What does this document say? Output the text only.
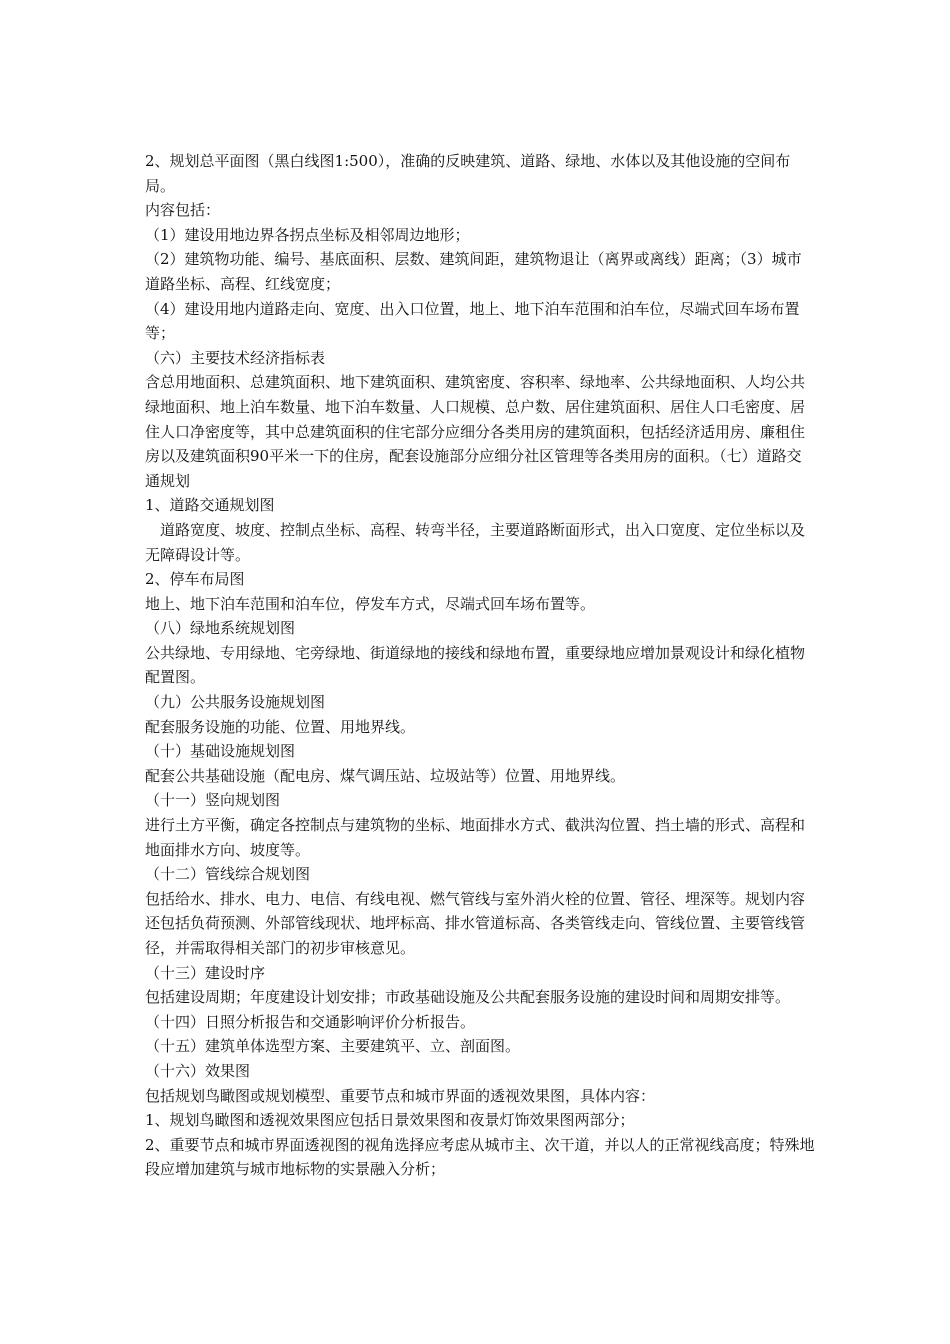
2、规划总平面图（黑白线图1:500），准确的反映建筑、道路、绿地、水体以及其他设施的空间布局。

内容包括：

（1）建设用地边界各拐点坐标及相邻周边地形；

（2）建筑物功能、编号、基底面积、层数、建筑间距，建筑物退让（离界或离线）距离；（3）城市道路坐标、高程、红线宽度；

（4）建设用地内道路走向、宽度、出入口位置，地上、地下泊车范围和泊车位，尽端式回车场布置等；

（六）主要技术经济指标表

含总用地面积、总建筑面积、地下建筑面积、建筑密度、容积率、绿地率、公共绿地面积、人均公共绿地面积、地上泊车数量、地下泊车数量、人口规模、总户数、居住建筑面积、居住人口毛密度、居住人口净密度等，其中总建筑面积的住宅部分应细分各类用房的建筑面积，包括经济适用房、廉租住房以及建筑面积90平米一下的住房，配套设施部分应细分社区管理等各类用房的面积。（七）道路交通规划

1、道路交通规划图

道路宽度、坡度、控制点坐标、高程、转弯半径，主要道路断面形式，出入口宽度、定位坐标以及无障碍设计等。

2、停车布局图

地上、地下泊车范围和泊车位，停发车方式，尽端式回车场布置等。

（八）绿地系统规划图

公共绿地、专用绿地、宅旁绿地、街道绿地的接线和绿地布置，重要绿地应增加景观设计和绿化植物配置图。

（九）公共服务设施规划图

配套服务设施的功能、位置、用地界线。

（十）基础设施规划图

配套公共基础设施（配电房、煤气调压站、垃圾站等）位置、用地界线。

（十一）竖向规划图

进行土方平衡，确定各控制点与建筑物的坐标、地面排水方式、截洪沟位置、挡土墙的形式、高程和地面排水方向、坡度等。

（十二）管线综合规划图

包括给水、排水、电力、电信、有线电视、燃气管线与室外消火栓的位置、管径、埋深等。规划内容还包括负荷预测、外部管线现状、地坪标高、排水管道标高、各类管线走向、管线位置、主要管线管径，并需取得相关部门的初步审核意见。

（十三）建设时序

包括建设周期；年度建设计划安排；市政基础设施及公共配套服务设施的建设时间和周期安排等。

（十四）日照分析报告和交通影响评价分析报告。

（十五）建筑单体选型方案、主要建筑平、立、剖面图。

（十六）效果图

包括规划鸟瞰图或规划模型、重要节点和城市界面的透视效果图，具体内容：

1、规划鸟瞰图和透视效果图应包括日景效果图和夜景灯饰效果图两部分；

2、重要节点和城市界面透视图的视角选择应考虑从城市主、次干道，并以人的正常视线高度；特殊地段应增加建筑与城市地标物的实景融入分析；
